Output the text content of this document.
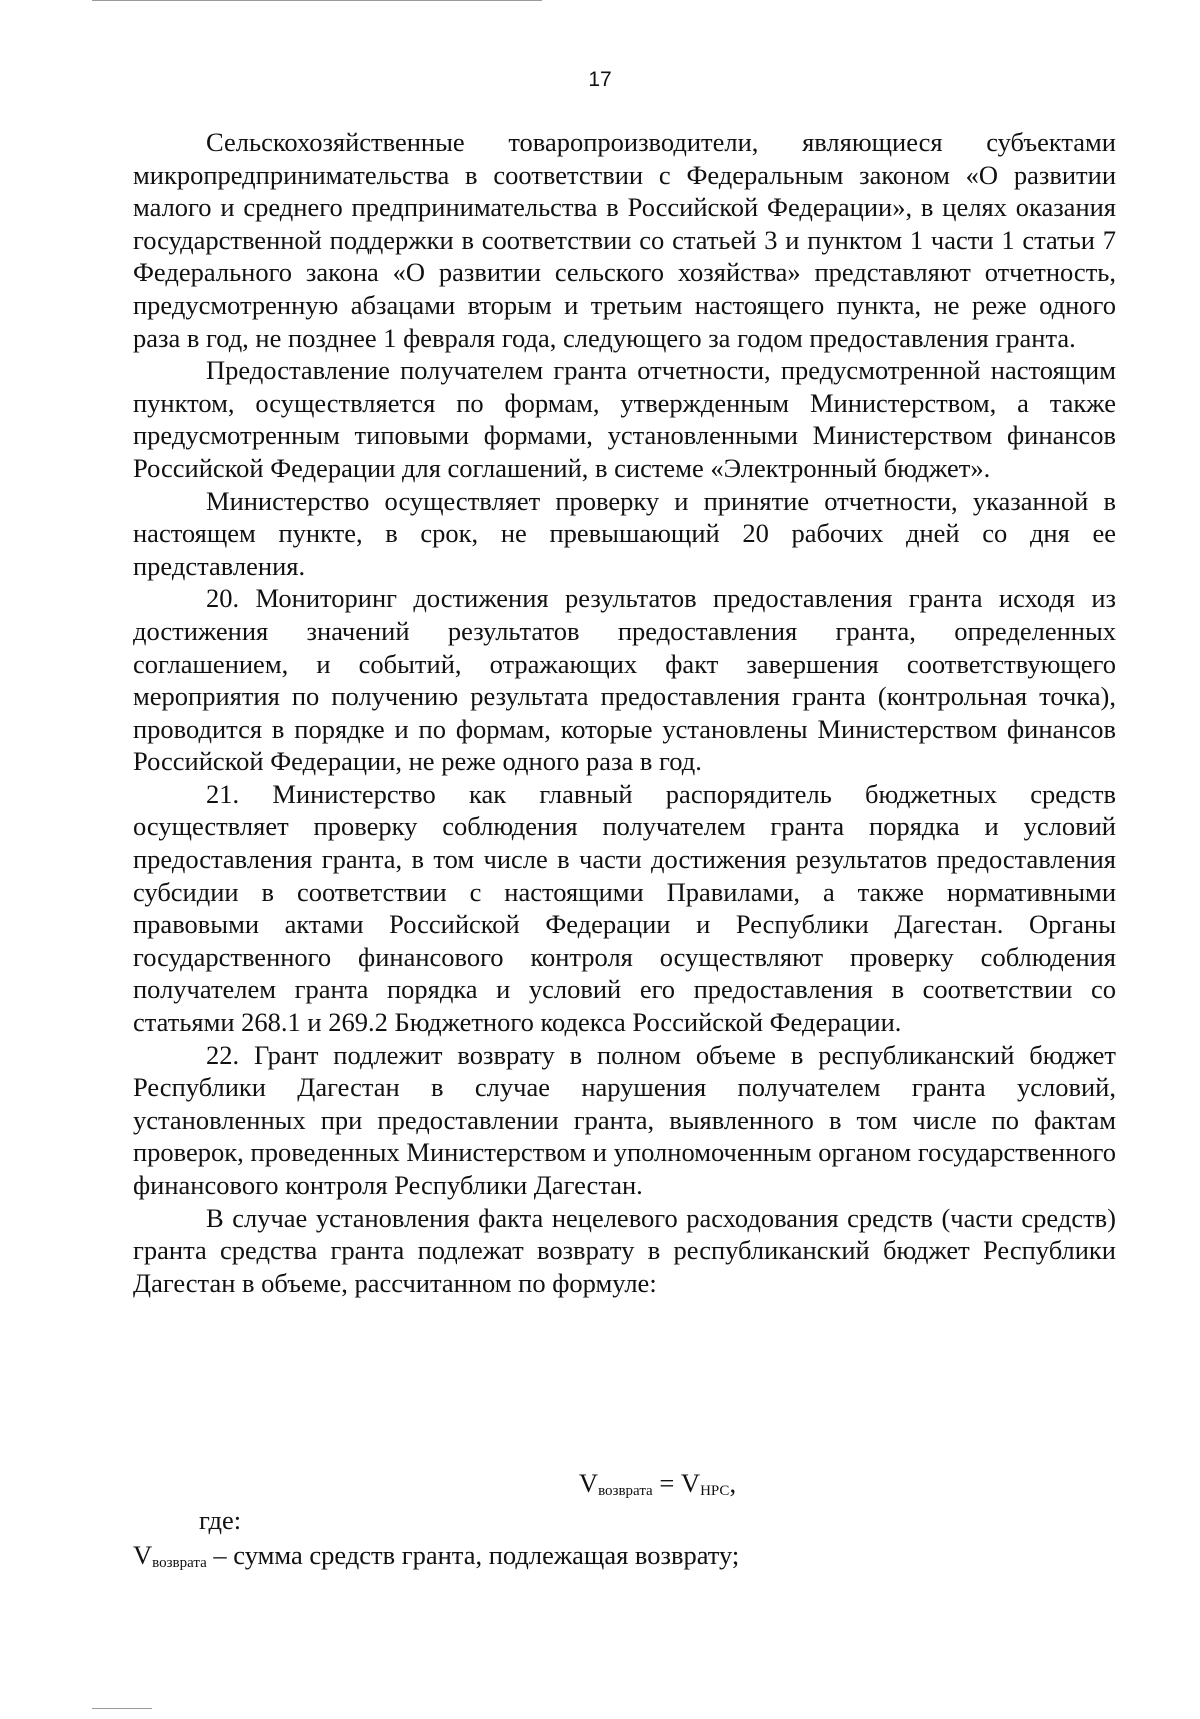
17

Сельскохозяйственные товаропроизводители, являющиеся субъектами микропредпринимательства в соответствии с Федеральным законом «О развитии малого и среднего предпринимательства в Российской Федерации», в целях оказания государственной поддержки в соответствии со статьей 3 и пунктом 1 части 1 статьи 7 Федерального закона «О развитии сельского хозяйства» представляют отчетность, предусмотренную абзацами вторым и третьим настоящего пункта, не реже одного раза в год, не позднее 1 февраля года, следующего за годом предоставления гранта.

Предоставление получателем гранта отчетности, предусмотренной настоящим пунктом, осуществляется по формам, утвержденным Министерством, а также предусмотренным типовыми формами, установленными Министерством финансов Российской Федерации для соглашений, в системе «Электронный бюджет».

Министерство осуществляет проверку и принятие отчетности, указанной в настоящем пункте, в срок, не превышающий 20 рабочих дней со дня ее представления.

20. Мониторинг достижения результатов предоставления гранта исходя из достижения значений результатов предоставления гранта, определенных соглашением, и событий, отражающих факт завершения соответствующего мероприятия по получению результата предоставления гранта (контрольная точка), проводится в порядке и по формам, которые установлены Министерством финансов Российской Федерации, не реже одного раза в год.

21. Министерство как главный распорядитель бюджетных средств осуществляет проверку соблюдения получателем гранта порядка и условий предоставления гранта, в том числе в части достижения результатов предоставления субсидии в соответствии с настоящими Правилами, а также нормативными правовыми актами Российской Федерации и Республики Дагестан. Органы государственного финансового контроля осуществляют проверку соблюдения получателем гранта порядка и условий его предоставления в соответствии со статьями 268.1 и 269.2 Бюджетного кодекса Российской Федерации.

22. Грант подлежит возврату в полном объеме в республиканский бюджет Республики Дагестан в случае нарушения получателем гранта условий, установленных при предоставлении гранта, выявленного в том числе по фактам проверок, проведенных Министерством и уполномоченным органом государственного финансового контроля Республики Дагестан.

В случае установления факта нецелевого расходования средств (части средств) гранта средства гранта подлежат возврату в республиканский бюджет Республики Дагестан в объеме, рассчитанном по формуле:

$V_{возврата} = V_{НРС}$,
где:
$V_{возврата}$ – сумма средств гранта, подлежащая возврату;
